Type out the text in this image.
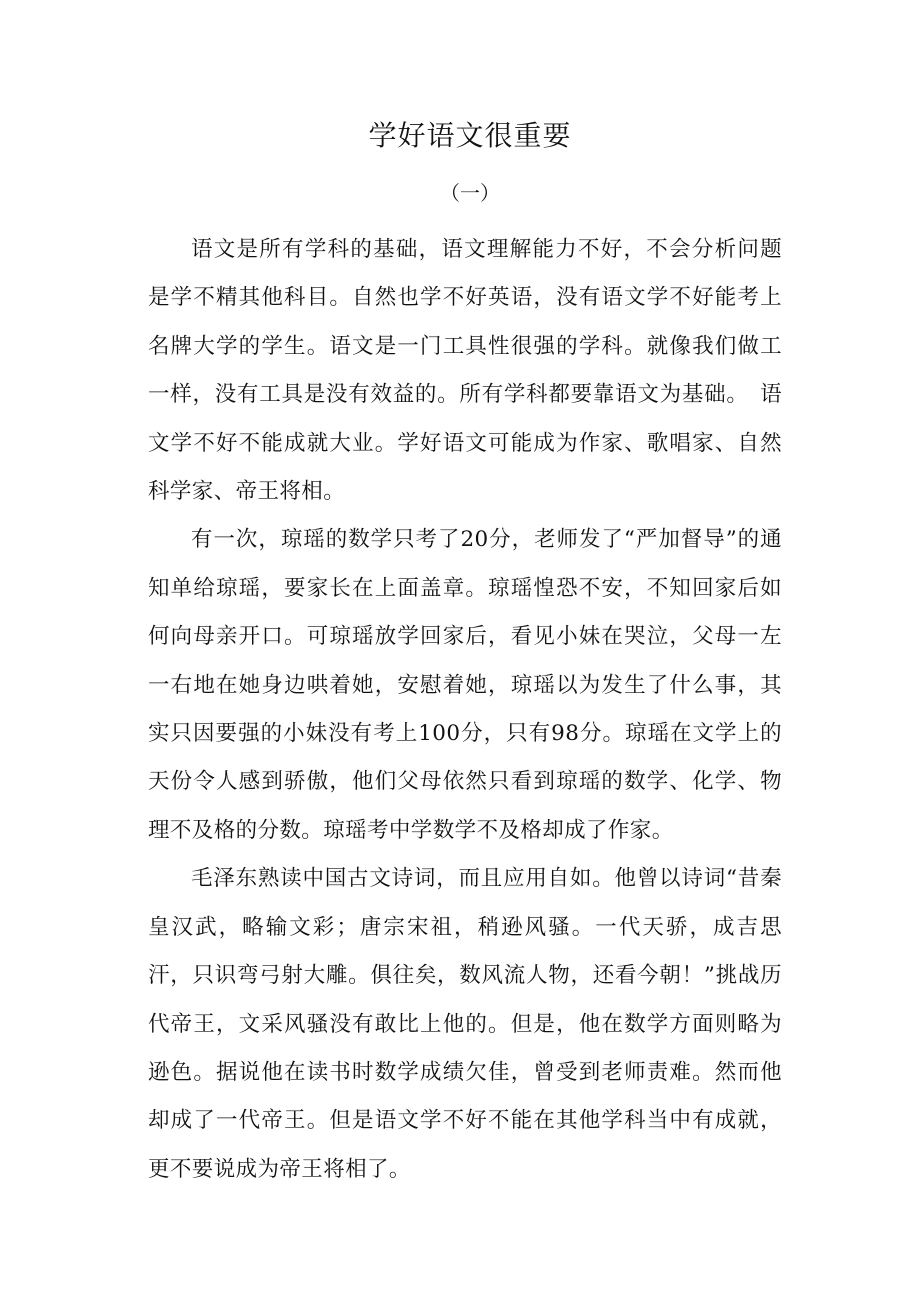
学好语文很重要
（一）

语文是所有学科的基础，语文理解能力不好，不会分析问题是学不精其他科目。自然也学不好英语，没有语文学不好能考上名牌大学的学生。语文是一门工具性很强的学科。就像我们做工一样，没有工具是没有效益的。所有学科都要靠语文为基础。　语文学不好不能成就大业。学好语文可能成为作家、歌唱家、自然科学家、帝王将相。

有一次，琼瑶的数学只考了20分，老师发了“严加督导”的通知单给琼瑶，要家长在上面盖章。琼瑶惶恐不安，不知回家后如何向母亲开口。可琼瑶放学回家后，看见小妹在哭泣，父母一左一右地在她身边哄着她，安慰着她，琼瑶以为发生了什么事，其实只因要强的小妹没有考上100分，只有98分。琼瑶在文学上的天份令人感到骄傲，他们父母依然只看到琼瑶的数学、化学、物理不及格的分数。琼瑶考中学数学不及格却成了作家。

毛泽东熟读中国古文诗词，而且应用自如。他曾以诗词“昔秦皇汉武，略输文彩；唐宗宋祖，稍逊风骚。一代天骄，成吉思汗，只识弯弓射大雕。俱往矣，数风流人物，还看今朝！”挑战历代帝王，文采风骚没有敢比上他的。但是，他在数学方面则略为逊色。据说他在读书时数学成绩欠佳，曾受到老师责难。然而他却成了一代帝王。但是语文学不好不能在其他学科当中有成就，更不要说成为帝王将相了。
